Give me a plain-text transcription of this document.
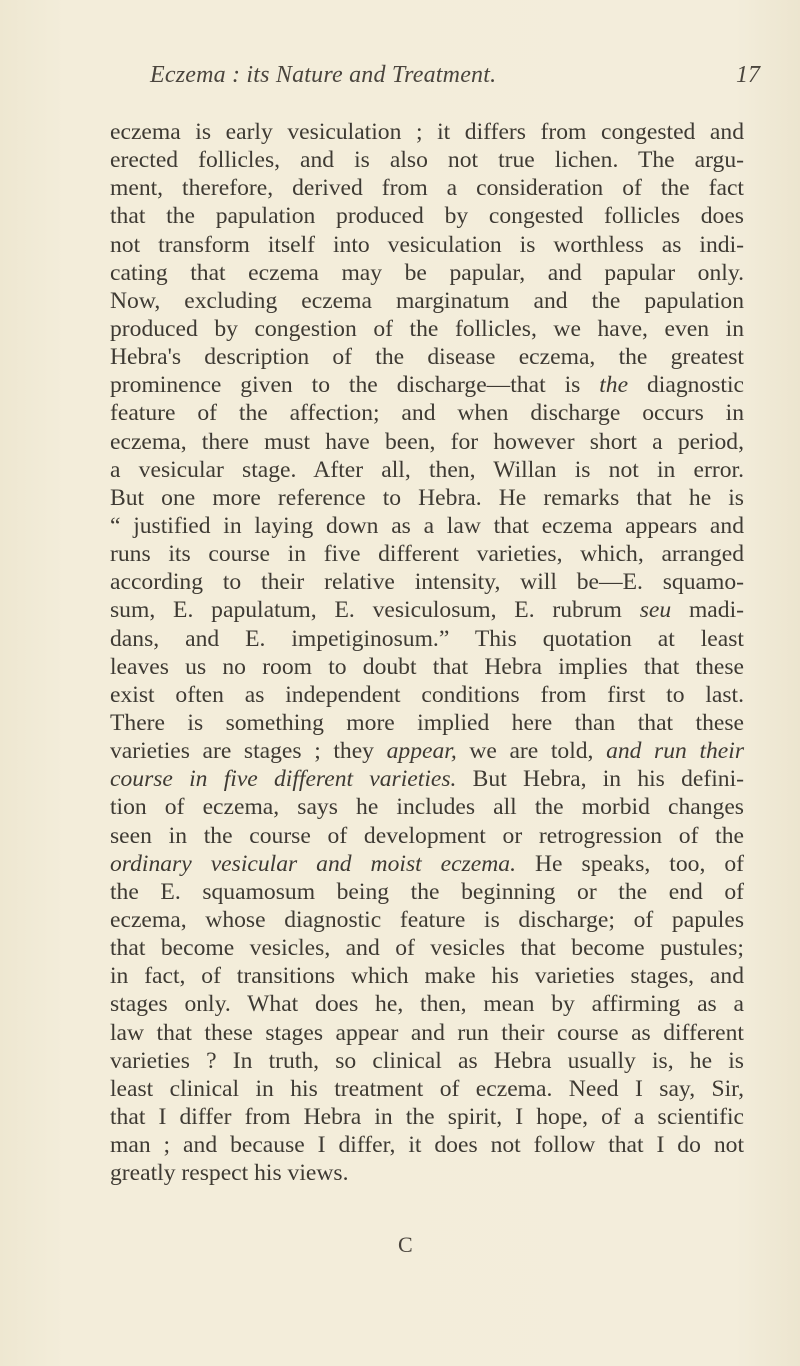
Eczema : its Nature and Treatment.	17
eczema is early vesiculation ; it differs from congested and
erected follicles, and is also not true lichen. The argu-
ment, therefore, derived from a consideration of the fact
that the papulation produced by congested follicles does
not transform itself into vesiculation is worthless as indi-
cating that eczema may be papular, and papular only.
Now, excluding eczema marginatum and the papulation
produced by congestion of the follicles, we have, even in
Hebra's description of the disease eczema, the greatest
prominence given to the discharge—that is the diagnostic
feature of the affection; and when discharge occurs in
eczema, there must have been, for however short a period,
a vesicular stage. After all, then, Willan is not in error.
But one more reference to Hebra. He remarks that he is
“ justified in laying down as a law that eczema appears and
runs its course in five different varieties, which, arranged
according to their relative intensity, will be—E. squamo-
sum, E. papulatum, E. vesiculosum, E. rubrum seu madi-
dans, and E. impetiginosum.” This quotation at least
leaves us no room to doubt that Hebra implies that these
exist often as independent conditions from first to last.
There is something more implied here than that these
varieties are stages ; they appear, we are told, and run their
course in five different varieties. But Hebra, in his defini-
tion of eczema, says he includes all the morbid changes
seen in the course of development or retrogression of the
ordinary vesicular and moist eczema. He speaks, too, of
the E. squamosum being the beginning or the end of
eczema, whose diagnostic feature is discharge; of papules
that become vesicles, and of vesicles that become pustules;
in fact, of transitions which make his varieties stages, and
stages only. What does he, then, mean by affirming as a
law that these stages appear and run their course as different
varieties ? In truth, so clinical as Hebra usually is, he is
least clinical in his treatment of eczema. Need I say, Sir,
that I differ from Hebra in the spirit, I hope, of a scientific
man ; and because I differ, it does not follow that I do not
greatly respect his views.
C
